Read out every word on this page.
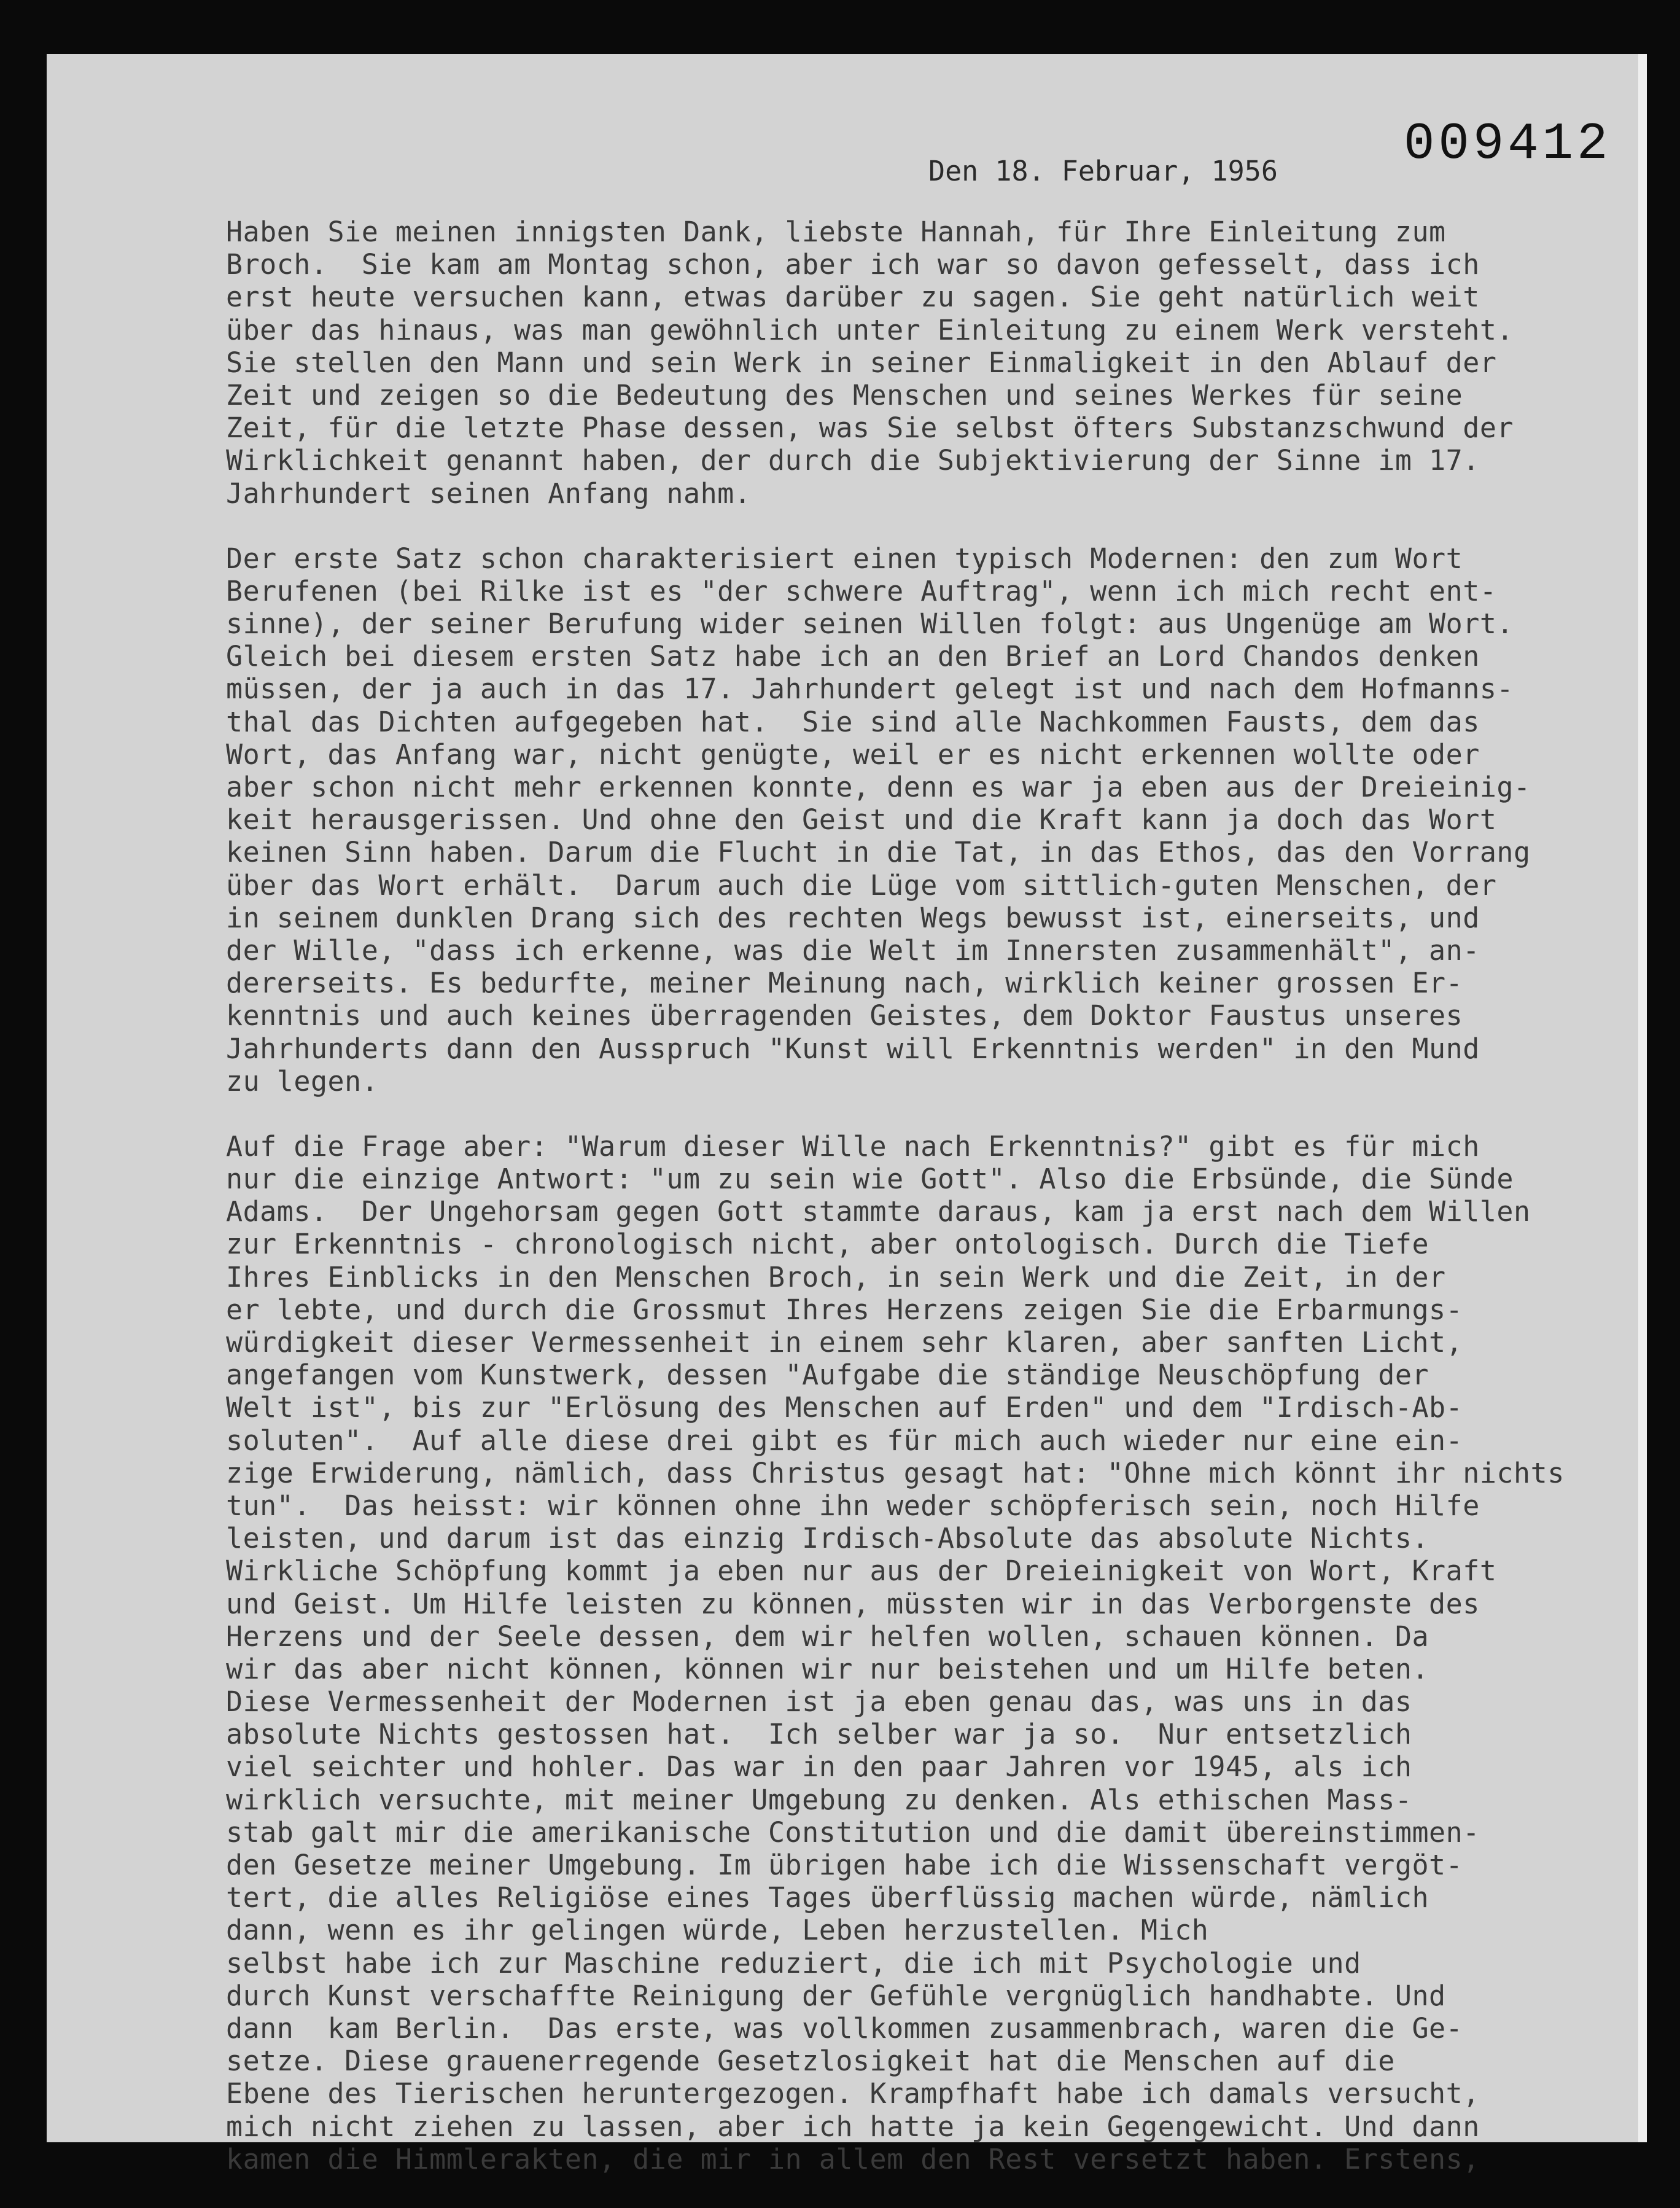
009412
Den 18. Februar, 1956
Haben Sie meinen innigsten Dank, liebste Hannah, für Ihre Einleitung zum
Broch.  Sie kam am Montag schon, aber ich war so davon gefesselt, dass ich
erst heute versuchen kann, etwas darüber zu sagen. Sie geht natürlich weit
über das hinaus, was man gewöhnlich unter Einleitung zu einem Werk versteht.
Sie stellen den Mann und sein Werk in seiner Einmaligkeit in den Ablauf der
Zeit und zeigen so die Bedeutung des Menschen und seines Werkes für seine
Zeit, für die letzte Phase dessen, was Sie selbst öfters Substanzschwund der
Wirklichkeit genannt haben, der durch die Subjektivierung der Sinne im 17.
Jahrhundert seinen Anfang nahm.
Der erste Satz schon charakterisiert einen typisch Modernen: den zum Wort
Berufenen (bei Rilke ist es "der schwere Auftrag", wenn ich mich recht ent-
sinne), der seiner Berufung wider seinen Willen folgt: aus Ungenüge am Wort.
Gleich bei diesem ersten Satz habe ich an den Brief an Lord Chandos denken
müssen, der ja auch in das 17. Jahrhundert gelegt ist und nach dem Hofmanns-
thal das Dichten aufgegeben hat.  Sie sind alle Nachkommen Fausts, dem das
Wort, das Anfang war, nicht genügte, weil er es nicht erkennen wollte oder
aber schon nicht mehr erkennen konnte, denn es war ja eben aus der Dreieinig-
keit herausgerissen. Und ohne den Geist und die Kraft kann ja doch das Wort
keinen Sinn haben. Darum die Flucht in die Tat, in das Ethos, das den Vorrang
über das Wort erhält.  Darum auch die Lüge vom sittlich-guten Menschen, der
in seinem dunklen Drang sich des rechten Wegs bewusst ist, einerseits, und
der Wille, "dass ich erkenne, was die Welt im Innersten zusammenhält", an-
dererseits. Es bedurfte, meiner Meinung nach, wirklich keiner grossen Er-
kenntnis und auch keines überragenden Geistes, dem Doktor Faustus unseres
Jahrhunderts dann den Ausspruch "Kunst will Erkenntnis werden" in den Mund
zu legen.
Auf die Frage aber: "Warum dieser Wille nach Erkenntnis?" gibt es für mich
nur die einzige Antwort: "um zu sein wie Gott". Also die Erbsünde, die Sünde
Adams.  Der Ungehorsam gegen Gott stammte daraus, kam ja erst nach dem Willen
zur Erkenntnis - chronologisch nicht, aber ontologisch. Durch die Tiefe
Ihres Einblicks in den Menschen Broch, in sein Werk und die Zeit, in der
er lebte, und durch die Grossmut Ihres Herzens zeigen Sie die Erbarmungs-
würdigkeit dieser Vermessenheit in einem sehr klaren, aber sanften Licht,
angefangen vom Kunstwerk, dessen "Aufgabe die ständige Neuschöpfung der
Welt ist", bis zur "Erlösung des Menschen auf Erden" und dem "Irdisch-Ab-
soluten".  Auf alle diese drei gibt es für mich auch wieder nur eine ein-
zige Erwiderung, nämlich, dass Christus gesagt hat: "Ohne mich könnt ihr nichts
tun".  Das heisst: wir können ohne ihn weder schöpferisch sein, noch Hilfe
leisten, und darum ist das einzig Irdisch-Absolute das absolute Nichts.
Wirkliche Schöpfung kommt ja eben nur aus der Dreieinigkeit von Wort, Kraft
und Geist. Um Hilfe leisten zu können, müssten wir in das Verborgenste des
Herzens und der Seele dessen, dem wir helfen wollen, schauen können. Da
wir das aber nicht können, können wir nur beistehen und um Hilfe beten.
Diese Vermessenheit der Modernen ist ja eben genau das, was uns in das
absolute Nichts gestossen hat.  Ich selber war ja so.  Nur entsetzlich
viel seichter und hohler. Das war in den paar Jahren vor 1945, als ich
wirklich versuchte, mit meiner Umgebung zu denken. Als ethischen Mass-
stab galt mir die amerikanische Constitution und die damit übereinstimmen-
den Gesetze meiner Umgebung. Im übrigen habe ich die Wissenschaft vergöt-
tert, die alles Religiöse eines Tages überflüssig machen würde, nämlich
dann, wenn es ihr gelingen würde, Leben herzustellen. Mich
selbst habe ich zur Maschine reduziert, die ich mit Psychologie und
durch Kunst verschaffte Reinigung der Gefühle vergnüglich handhabte. Und
dann  kam Berlin.  Das erste, was vollkommen zusammenbrach, waren die Ge-
setze. Diese grauenerregende Gesetzlosigkeit hat die Menschen auf die
Ebene des Tierischen heruntergezogen. Krampfhaft habe ich damals versucht,
mich nicht ziehen zu lassen, aber ich hatte ja kein Gegengewicht. Und dann
kamen die Himmlerakten, die mir in allem den Rest versetzt haben. Erstens,
